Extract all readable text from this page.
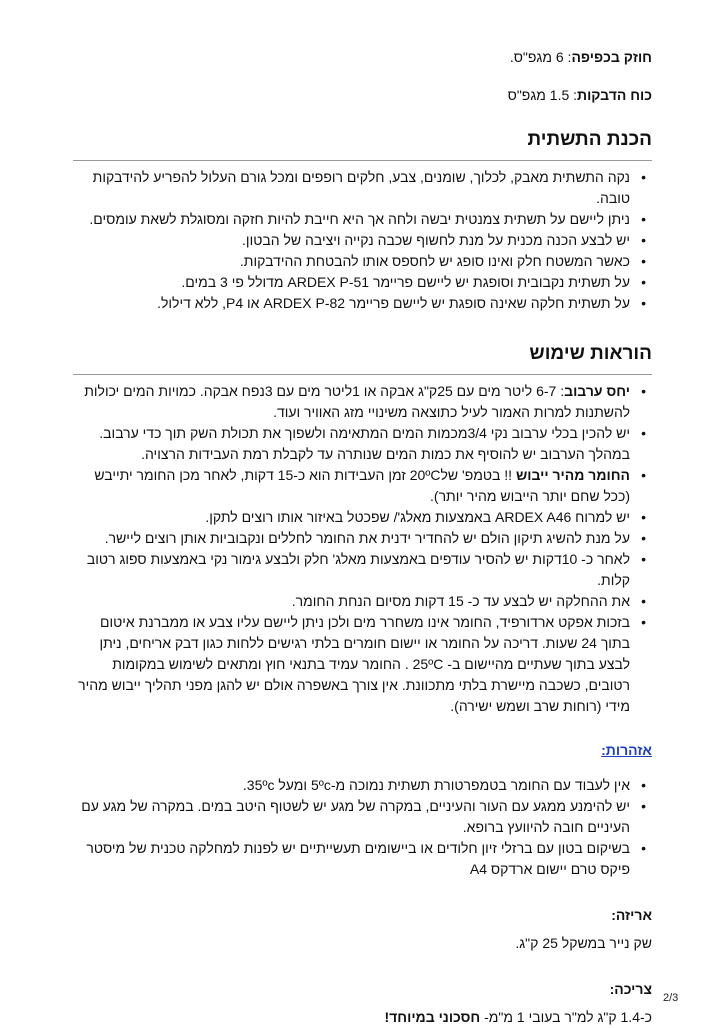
חוזק בכפיפה: 6 מגפ"ס.

כוח הדבקות: 1.5 מגפ"ס

הכנת התשתית
• נקה התשתית מאבק, לכלוך, שומנים, צבע, חלקים רופפים ומכל גורם העלול להפריע להידבקות טובה.
• ניתן ליישם על תשתית צמנטית יבשה ולחה אך היא חייבת להיות חזקה ומסוגלת לשאת עומסים.
• יש לבצע הכנה מכנית על מנת לחשוף שכבה נקייה ויציבה של הבטון.
• כאשר המשטח חלק ואינו סופג יש לחספס אותו להבטחת ההידבקות.
• על תשתית נקבובית וסופגת יש ליישם פריימר ARDEX P-51 מדולל פי 3 במים.
• על תשתית חלקה שאינה סופגת יש ליישם פריימר ARDEX P-82 או P4, ללא דילול.
הוראות שימוש
• יחס ערבוב: 6-7 ליטר מים עם 25ק"ג אבקה או 1ליטר מים עם 3נפח אבקה. כמויות המים יכולות להשתנות למרות האמור לעיל כתוצאה משינויי מזג האוויר ועוד.
• יש להכין בכלי ערבוב נקי 3/4מכמות המים המתאימה ולשפוך את תכולת השק תוך כדי ערבוב. במהלך הערבוב יש להוסיף את כמות המים שנותרה עד לקבלת רמת העבידות הרצויה.
• החומר מהיר ייבוש !! בטמפ' של20ºC זמן העבידות הוא כ-15 דקות, לאחר מכן החומר יתייבש (ככל שחם יותר הייבוש מהיר יותר).
• יש למרוח ARDEX A46 באמצעות מאלג'/ שפכטל באיזור אותו רוצים לתקן.
• על מנת להשיג תיקון הולם יש להחדיר ידנית את החומר לחללים ונקבוביות אותן רוצים ליישר.
• לאחר כ- 10דקות יש להסיר עודפים באמצעות מאלג' חלק ולבצע גימור נקי באמצעות ספוג רטוב קלות.
• את ההחלקה יש לבצע עד כ- 15 דקות מסיום הנחת החומר.
• בזכות אפקט ארדורפיד, החומר אינו משחרר מים ולכן ניתן ליישם עליו צבע או ממברנת איטום בתוך 24 שעות. דריכה על החומר או יישום חומרים בלתי רגישים ללחות כגון דבק אריחים, ניתן לבצע בתוך שעתיים מהיישום ב- 25ºC . החומר עמיד בתנאי חוץ ומתאים לשימוש במקומות רטובים, כשכבה מיישרת בלתי מתכוונת. אין צורך באשפרה אולם יש להגן מפני תהליך ייבוש מהיר מידי (רוחות שרב ושמש ישירה).
אזהרות:
• אין לעבוד עם החומר בטמפרטורת תשתית נמוכה מ-5ºc ומעל 35ºc.
• יש להימנע ממגע עם העור והעיניים, במקרה של מגע יש לשטוף היטב במים. במקרה של מגע עם העיניים חובה להיוועץ ברופא.
• בשיקום בטון עם ברזלי זיון חלודים או ביישומים תעשייתיים יש לפנות למחלקה טכנית של מיסטר פיקס טרם יישום ארדקס A4
אריזה:
שק נייר במשקל 25 ק"ג.
צריכה:
כ-1.4 ק"ג למ"ר בעובי 1 מ"מ- חסכוני במיוחד!
2/3
